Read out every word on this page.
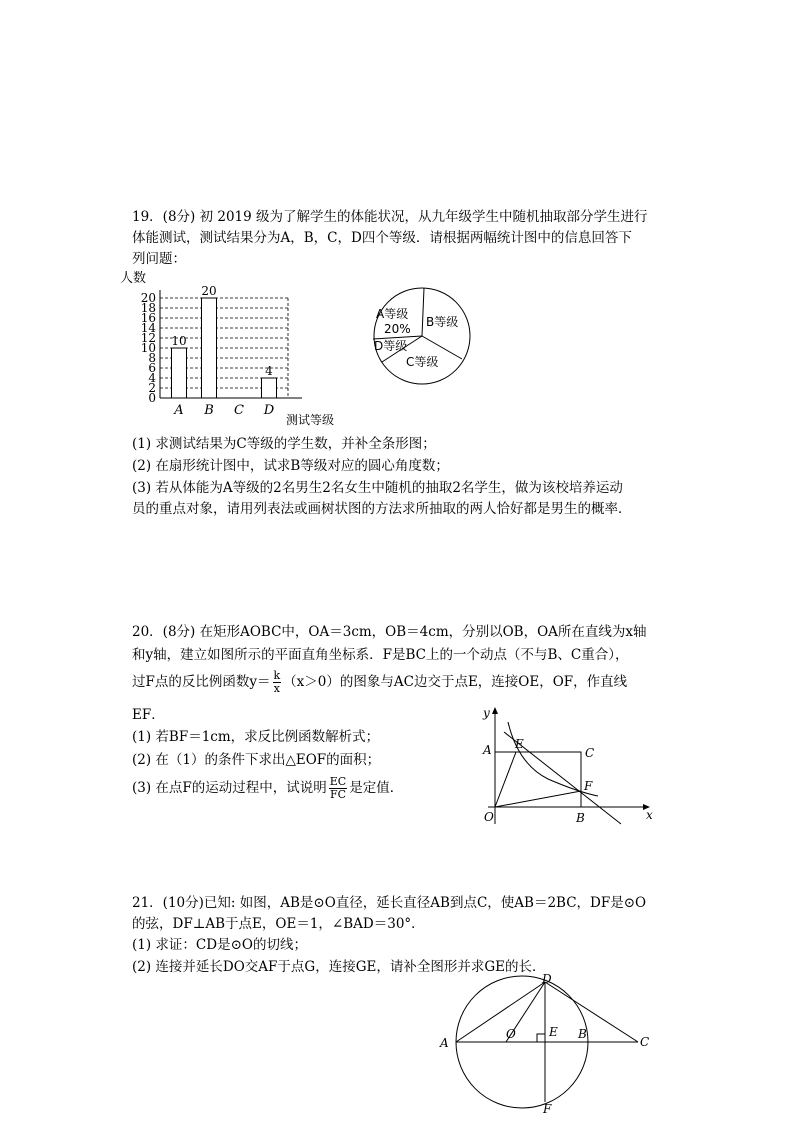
19．(8分) 初 2019 级为了解学生的体能状况，从九年级学生中随机抽取部分学生进行
体能测试，测试结果分为A，B，C，D四个等级．请根据两幅统计图中的信息回答下
列问题：
人数
20
18
16
14
12
10
8
6
4
2
0
10
20
4
A B C D
测试等级
A等级
20% B等级
C等级
D等级
(1) 求测试结果为C等级的学生数，并补全条形图；
(2) 在扇形统计图中，试求B等级对应的圆心角度数；
(3) 若从体能为A等级的2名男生2名女生中随机的抽取2名学生，做为该校培养运动
员的重点对象，请用列表法或画树状图的方法求所抽取的两人恰好都是男生的概率．
20．(8分) 在矩形AOBC中，OA＝3cm，OB＝4cm，分别以OB，OA所在直线为x轴
和y轴，建立如图所示的平面直角坐标系．F是BC上的一个动点（不与B、C重合），
过F点的反比例函数$y= \frac{k}{x} (x>0)$的图象与AC边交于点E，连接OE，OF，作直线
EF．
(1) 若BF＝1cm，求反比例函数解析式；
(2) 在（1）的条件下求出△EOF的面积；
(3) 在点F的运动过程中，试说明 $\frac{EC}{FC}$ 是定值．
y
x
A E
C
F
O	B
21．(10分)已知: 如图，AB是⊙O直径，延长直径AB到点C，使AB＝2BC，DF是⊙O
的弦，DF⊥AB于点E，OE＝1，∠BAD＝30°．
(1) 求证：CD是⊙O的切线；
(2) 连接并延长DO交AF于点G，连接GE，请补全图形并求GE的长．
D
A
O	E B
C
F
